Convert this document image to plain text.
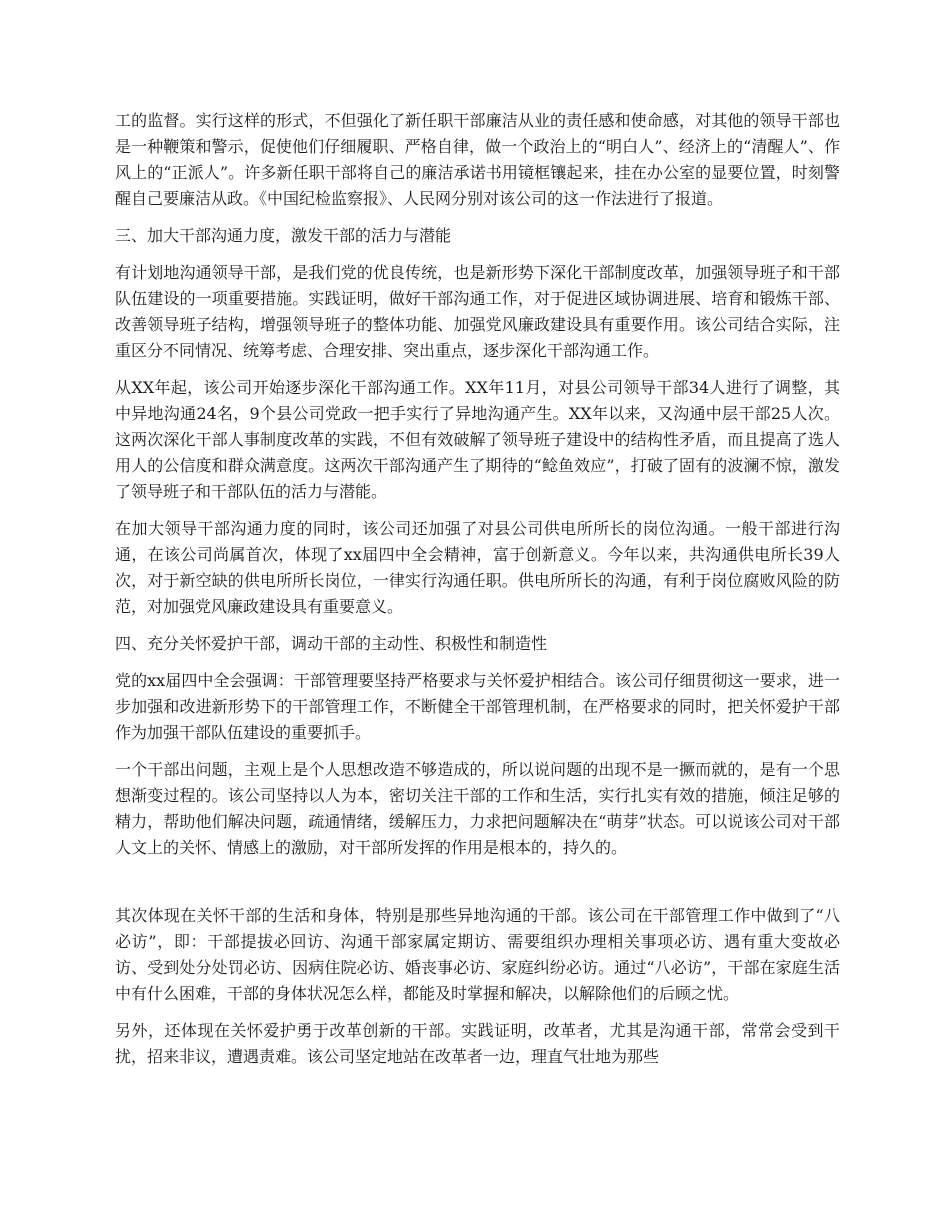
工的监督。实行这样的形式，不但强化了新任职干部廉洁从业的责任感和使命感，对其他的领导干部也是一种鞭策和警示，促使他们仔细履职、严格自律，做一个政治上的“明白人”、经济上的“清醒人”、作风上的“正派人”。许多新任职干部将自己的廉洁承诺书用镜框镶起来，挂在办公室的显要位置，时刻警醒自己要廉洁从政。《中国纪检监察报》、人民网分别对该公司的这一作法进行了报道。

三、加大干部沟通力度，激发干部的活力与潜能

有计划地沟通领导干部，是我们党的优良传统，也是新形势下深化干部制度改革，加强领导班子和干部队伍建设的一项重要措施。实践证明，做好干部沟通工作，对于促进区域协调进展、培育和锻炼干部、改善领导班子结构，增强领导班子的整体功能、加强党风廉政建设具有重要作用。该公司结合实际，注重区分不同情况、统筹考虑、合理安排、突出重点，逐步深化干部沟通工作。

从XX年起，该公司开始逐步深化干部沟通工作。XX年11月，对县公司领导干部34人进行了调整，其中异地沟通24名，9个县公司党政一把手实行了异地沟通产生。XX年以来，又沟通中层干部25人次。这两次深化干部人事制度改革的实践，不但有效破解了领导班子建设中的结构性矛盾，而且提高了选人用人的公信度和群众满意度。这两次干部沟通产生了期待的“鲶鱼效应”，打破了固有的波澜不惊，激发了领导班子和干部队伍的活力与潜能。

在加大领导干部沟通力度的同时，该公司还加强了对县公司供电所所长的岗位沟通。一般干部进行沟通，在该公司尚属首次，体现了xx届四中全会精神，富于创新意义。今年以来，共沟通供电所长39人次，对于新空缺的供电所所长岗位，一律实行沟通任职。供电所所长的沟通，有利于岗位腐败风险的防范，对加强党风廉政建设具有重要意义。

四、充分关怀爱护干部，调动干部的主动性、积极性和制造性

党的xx届四中全会强调：干部管理要坚持严格要求与关怀爱护相结合。该公司仔细贯彻这一要求，进一步加强和改进新形势下的干部管理工作，不断健全干部管理机制，在严格要求的同时，把关怀爱护干部作为加强干部队伍建设的重要抓手。

一个干部出问题，主观上是个人思想改造不够造成的，所以说问题的出现不是一撅而就的，是有一个思想渐变过程的。该公司坚持以人为本，密切关注干部的工作和生活，实行扎实有效的措施，倾注足够的精力，帮助他们解决问题，疏通情绪，缓解压力，力求把问题解决在“萌芽”状态。可以说该公司对干部人文上的关怀、情感上的激励，对干部所发挥的作用是根本的，持久的。

其次体现在关怀干部的生活和身体，特别是那些异地沟通的干部。该公司在干部管理工作中做到了“八必访”，即：干部提拔必回访、沟通干部家属定期访、需要组织办理相关事项必访、遇有重大变故必访、受到处分处罚必访、因病住院必访、婚丧事必访、家庭纠纷必访。通过“八必访”，干部在家庭生活中有什么困难，干部的身体状况怎么样，都能及时掌握和解决，以解除他们的后顾之忧。

另外，还体现在关怀爱护勇于改革创新的干部。实践证明，改革者，尤其是沟通干部，常常会受到干扰，招来非议，遭遇责难。该公司坚定地站在改革者一边，理直气壮地为那些
